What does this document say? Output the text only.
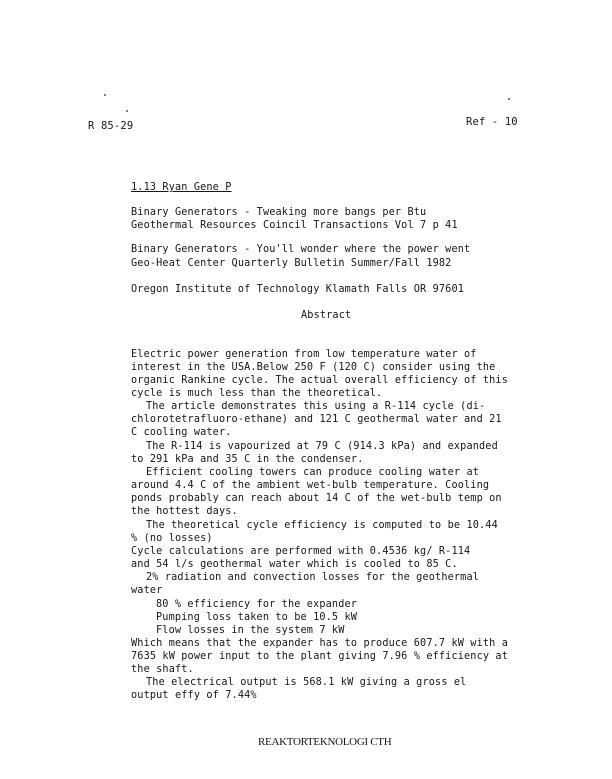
R 85-29	Ref - 10
1.13 Ryan Gene P
Binary Generators - Tweaking more bangs per Btu
Geothermal Resources Coincil Transactions Vol 7 p 41
Binary Generators - You'll wonder where the power went
Geo-Heat Center Quarterly Bulletin Summer/Fall 1982
Oregon Institute of Technology Klamath Falls OR 97601
Abstract
Electric power generation from low temperature water of
interest in the USA.Below 250 F (120 C) consider using the
organic Rankine cycle. The actual overall efficiency of this
cycle is much less than the theoretical.
The article demonstrates this using a R-114 cycle (di-
chlorotetrafluoro-ethane) and 121 C geothermal water and 21
C cooling water.
The R-114 is vapourized at 79 C (914.3 kPa) and expanded
to 291 kPa and 35 C in the condenser.
Efficient cooling towers can produce cooling water at
around 4.4 C of the ambient wet-bulb temperature. Cooling
ponds probably can reach about 14 C of the wet-bulb temp on
the hottest days.
The theoretical cycle efficiency is computed to be 10.44
% (no losses)
Cycle calculations are performed with 0.4536 kg/ R-114
and 54 l/s geothermal water which is cooled to 85 C.
2% radiation and convection losses for the geothermal
water
80 % efficiency for the expander
Pumping loss taken to be 10.5 kW
Flow losses in the system 7 kW
Which means that the expander has to produce 607.7 kW with a
7635 kW power input to the plant giving 7.96 % efficiency at
the shaft.
The electrical output is 568.1 kW giving a gross el
output effy of 7.44%
REAKTORTEKNOLOGI CTH
